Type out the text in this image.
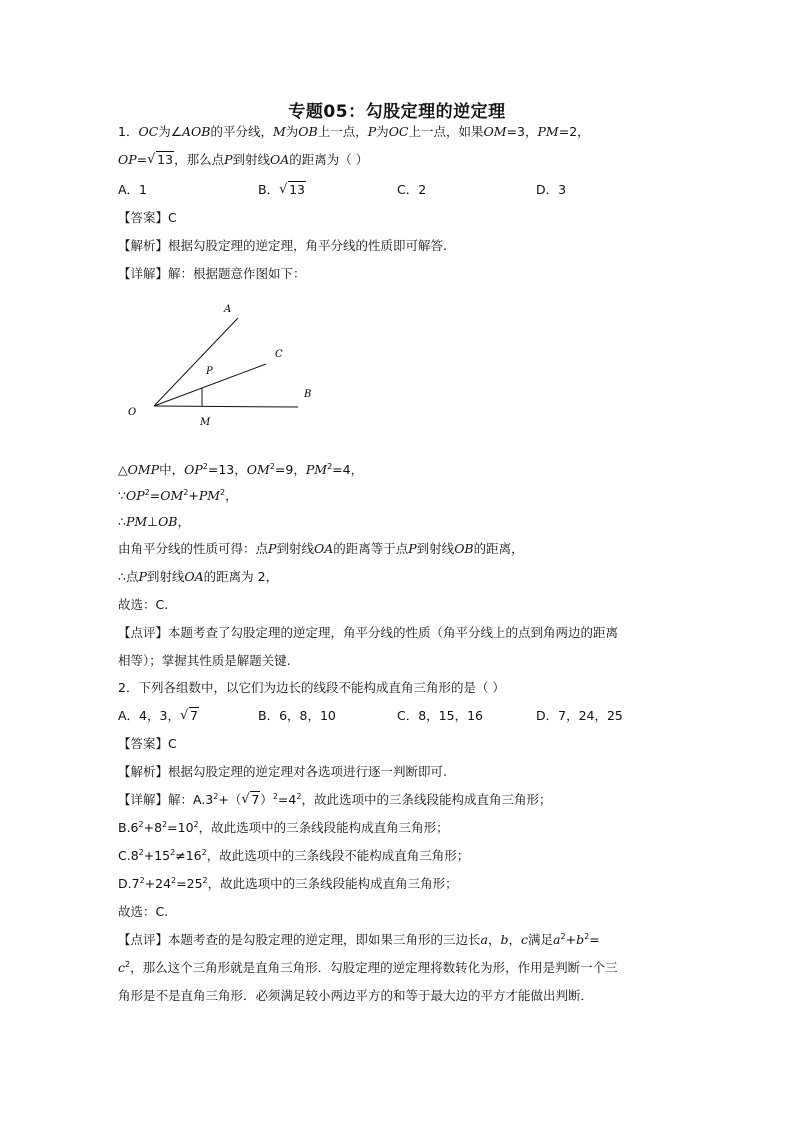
专题05：勾股定理的逆定理
1．OC为∠AOB的平分线，M为OB上一点，P为OC上一点，如果OM=3，PM=2，
OP= √ 13，那么点P到射线OA的距离为（ ）
A．1	B． √ 13	C．2	D．3
【答案】C
【解析】根据勾股定理的逆定理，角平分线的性质即可解答.
【详解】解：根据题意作图如下：
A
C
P
B
O
M
△OMP中，$OP^2=13$，$OM^2=9$，$PM^2=4$，
$\because OP^2=OM^2+PM^2$，
∴PM⊥OB，
由角平分线的性质可得：点P到射线OA的距离等于点P到射线OB的距离，
∴点P到射线OA的距离为 2，
故选：C.
【点评】本题考查了勾股定理的逆定理，角平分线的性质（角平分线上的点到角两边的距离
相等）；掌握其性质是解题关键.
2．下列各组数中，以它们为边长的线段不能构成直角三角形的是（ ）
A．4，3， √ 7	B．6，8，10	C．8，15，16	D．7，24，25
【答案】C
【解析】根据勾股定理的逆定理对各选项进行逐一判断即可.
【详解】解：$A.3^2+$（ √ $7)^2=4^2$，故此选项中的三条线段能构成直角三角形；
$B.6^2+8^2=10^2$，故此选项中的三条线段能构成直角三角形；
$C.8^2+15^2\ne 16^2$，故此选项中的三条线段不能构成直角三角形；
$D.7^2+24^2=25^2$，故此选项中的三条线段能构成直角三角形；
故选：C.
【点评】本题考查的是勾股定理的逆定理，即如果三角形的三边长a，b，c满足$a^2+b^2=$
$c^2$，那么这个三角形就是直角三角形．勾股定理的逆定理将数转化为形，作用是判断一个三
角形是不是直角三角形．必须满足较小两边平方的和等于最大边的平方才能做出判断．
